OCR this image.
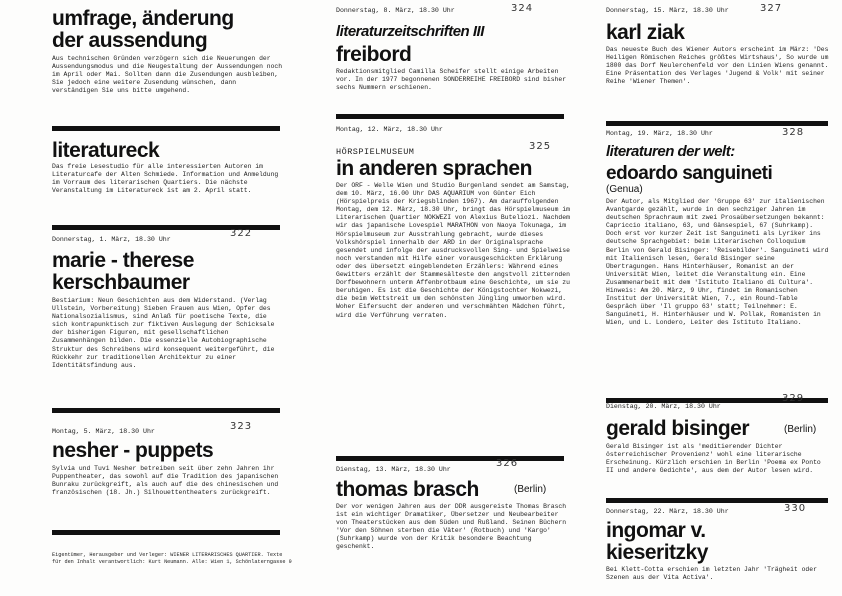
umfrage, änderung
der aussendung
Aus technischen Gründen verzögern sich die Neuerungen der Aussendungsmodus und die Neugestaltung der Aussendungen noch im April oder Mai. Sollten dann die Zusendungen ausbleiben, Sie jedoch eine weitere Zusendung wünschen, dann verständigen Sie uns bitte umgehend.
literatureck
Das freie Lesestudio für alle interessierten Autoren im Literaturcafe der Alten Schmiede. Information und Anmeldung im Vorraum des literarischen Quartiers. Die nächste Veranstaltung im Literatureck ist am 2. April statt.
Donnerstag, 1. März, 18.30 Uhr
322
marie - therese
kerschbaumer
Bestiarium: Neun Geschichten aus dem Widerstand. (Verlag Ullstein, Vorbereitung) Sieben Frauen aus Wien, Opfer des Nationalsozialismus, sind Anlaß für poetische Texte, die sich kontrapunktisch zur fiktiven Auslegung der Schicksale der bisherigen Figuren, mit gesellschaftlichen Zusammenhängen bilden. Die essenzielle Autobiographische Struktur des Schreibens wird konsequent weitergeführt, die Rückkehr zur traditionellen Architektur zu einer Identitätsfindung aus.
Montag, 5. März, 18.30 Uhr	323
nesher - puppets
Sylvia und Tuvi Nesher betreiben seit über zehn Jahren ihr Puppentheater, das sowohl auf die Tradition des japanischen Bunraku zurückgreift, als auch auf die des chinesischen und französischen (18. Jh.) Silhouettentheaters zurückgreift.
Eigentümer, Herausgeber und Verleger: WIENER LITERARISCHES QUARTIER. Texte für den Inhalt verantwortlich: Kurt Neumann. Alle: Wien 1, Schönlaterngasse 9
Donnerstag, 8. März, 18.30 Uhr	324
literaturzeitschriften III
freibord
Redaktionsmitglied Camilla Scheifer stellt einige Arbeiten vor. In der 1977 begonnenen SONDERREIHE FREIBORD sind bisher sechs Nummern erschienen.
Montag, 12. März, 18.30 Uhr
325
HÖRSPIELMUSEUM
in anderen sprachen
Der ORF - Welle Wien und Studio Burgenland sendet am Samstag, dem 10. März, 16.00 Uhr DAS AQUARIUM von Günter Eich (Hörspielpreis der Kriegsblinden 1967). Am darauffolgenden Montag, dem 12. März, 18.30 Uhr, bringt das Hörspielmuseum im Literarischen Quartier NOKWEZI von Alexius Buteliozi. Nachdem wir das japanische Lovespiel MARATHON von Naoya Tokunaga, im Hörspielmuseum zur Ausstrahlung gebracht, wurde dieses Volkshörspiel innerhalb der ARD in der Originalsprache gesendet und infolge der ausdrucksvollen Sing- und Spielweise noch verstanden mit Hilfe einer vorausgeschickten Erklärung oder des übersetzt eingeblendeten Erzählers: Während eines Gewitters erzählt der Stammesälteste den angstvoll zitternden Dorfbewohnern unterm Affenbrotbaum eine Geschichte, um sie zu beruhigen. Es ist die Geschichte der Königstochter Nokwezi, die beim Wettstreit um den schönsten Jüngling umworben wird. Woher Eifersucht der anderen und verschmähten Mädchen führt, wird die Verführung verraten.
Dienstag, 13. März, 18.30 Uhr
326
thomas brasch	(Berlin)
Der vor wenigen Jahren aus der DDR ausgereiste Thomas Brasch ist ein wichtiger Dramatiker, Übersetzer und Neubearbeiter von Theaterstücken aus dem Süden und Rußland. Seinen Büchern 'Vor den Söhnen sterben die Väter' (Rotbuch) und 'Kargo' (Suhrkamp) wurde von der Kritik besondere Beachtung geschenkt.
Donnerstag, 15. März, 18.30 Uhr	327
karl ziak
Das neueste Buch des Wiener Autors erscheint im März: 'Des Heiligen Römischen Reiches größtes Wirtshaus', So wurde um 1800 das Dorf Neulerchenfeld vor den Linien Wiens genannt. Eine Präsentation des Verlages 'Jugend & Volk' mit seiner Reihe 'Wiener Themen'.
Montag, 19. März, 18.30 Uhr	328
literaturen der welt:
edoardo sanguineti
(Genua)
Der Autor, als Mitglied der 'Gruppe 63' zur italienischen Avantgarde gezählt, wurde in den sechziger Jahren im deutschen Sprachraum mit zwei Prosaübersetzungen bekannt: Capriccio italiano, 63, und Gänsespiel, 67 (Suhrkamp). Doch erst vor kurzer Zeit ist Sanguineti als Lyriker ins deutsche Sprachgebiet: beim Literarischen Colloquium Berlin von Gerald Bisinger: 'Reisebilder'. Sanguineti wird mit Italienisch lesen, Gerald Bisinger seine Übertragungen. Hans Hinterhäuser, Romanist an der Universität Wien, leitet die Veranstaltung ein. Eine Zusammenarbeit mit dem 'Istituto Italiano di Cultura'. Hinweis: Am 20. März, 9 Uhr, findet im Romanischen Institut der Universität Wien, 7., ein Round-Table Gespräch über 'Il gruppo 63' statt; Teilnehmer: E. Sanguineti, H. Hinterhäuser und W. Pollak, Romanisten in Wien, und L. Londero, Leiter des Istituto Italiano.
Dienstag, 20. März, 18.30 Uhr
329
gerald bisinger	(Berlin)
Gerald Bisinger ist als 'meditierender Dichter österreichischer Provenienz' wohl eine literarische Erscheinung. Kürzlich erschien in Berlin 'Poema ex Ponto II und andere Gedichte', aus dem der Autor lesen wird.
Donnerstag, 22. März, 18.30 Uhr	330
ingomar v.
kieseritzky
Bei Klett-Cotta erschien im letzten Jahr 'Trägheit oder Szenen aus der Vita Activa'.
